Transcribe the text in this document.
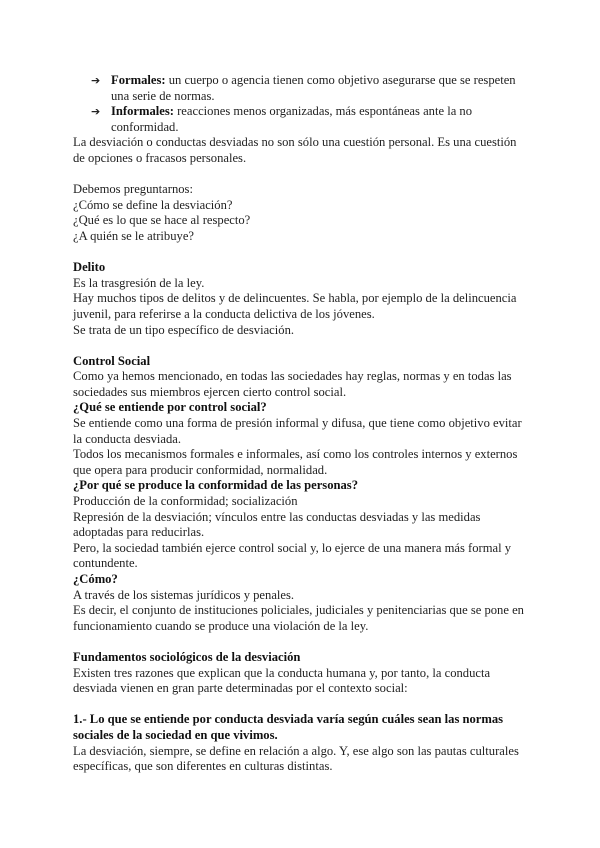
➔ Formales: un cuerpo o agencia tienen como objetivo asegurarse que se respeten una serie de normas.
➔ Informales: reacciones menos organizadas, más espontáneas ante la no conformidad.

La desviación o conductas desviadas no son sólo una cuestión personal. Es una cuestión de opciones o fracasos personales.

Debemos preguntarnos:

¿Cómo se define la desviación?

¿Qué es lo que se hace al respecto?

¿A quién se le atribuye?

Delito

Es la trasgresión de la ley.

Hay muchos tipos de delitos y de delincuentes. Se habla, por ejemplo de la delincuencia juvenil, para referirse a la conducta delictiva de los jóvenes.

Se trata de un tipo específico de desviación.

Control Social

Como ya hemos mencionado, en todas las sociedades hay reglas, normas y en todas las sociedades sus miembros ejercen cierto control social.

¿Qué se entiende por control social?

Se entiende como una forma de presión informal y difusa, que tiene como objetivo evitar la conducta desviada.

Todos los mecanismos formales e informales, así como los controles internos y externos que opera para producir conformidad, normalidad.

¿Por qué se produce la conformidad de las personas?

Producción de la conformidad; socialización

Represión de la desviación; vínculos entre las conductas desviadas y las medidas adoptadas para reducirlas.

Pero, la sociedad también ejerce control social y, lo ejerce de una manera más formal y contundente.

¿Cómo?

A través de los sistemas jurídicos y penales.

Es decir, el conjunto de instituciones policiales, judiciales y penitenciarias que se pone en funcionamiento cuando se produce una violación de la ley.

Fundamentos sociológicos de la desviación

Existen tres razones que explican que la conducta humana y, por tanto, la conducta desviada vienen en gran parte determinadas por el contexto social:

1.- Lo que se entiende por conducta desviada varía según cuáles sean las normas sociales de la sociedad en que vivimos.

La desviación, siempre, se define en relación a algo. Y, ese algo son las pautas culturales específicas, que son diferentes en culturas distintas.
